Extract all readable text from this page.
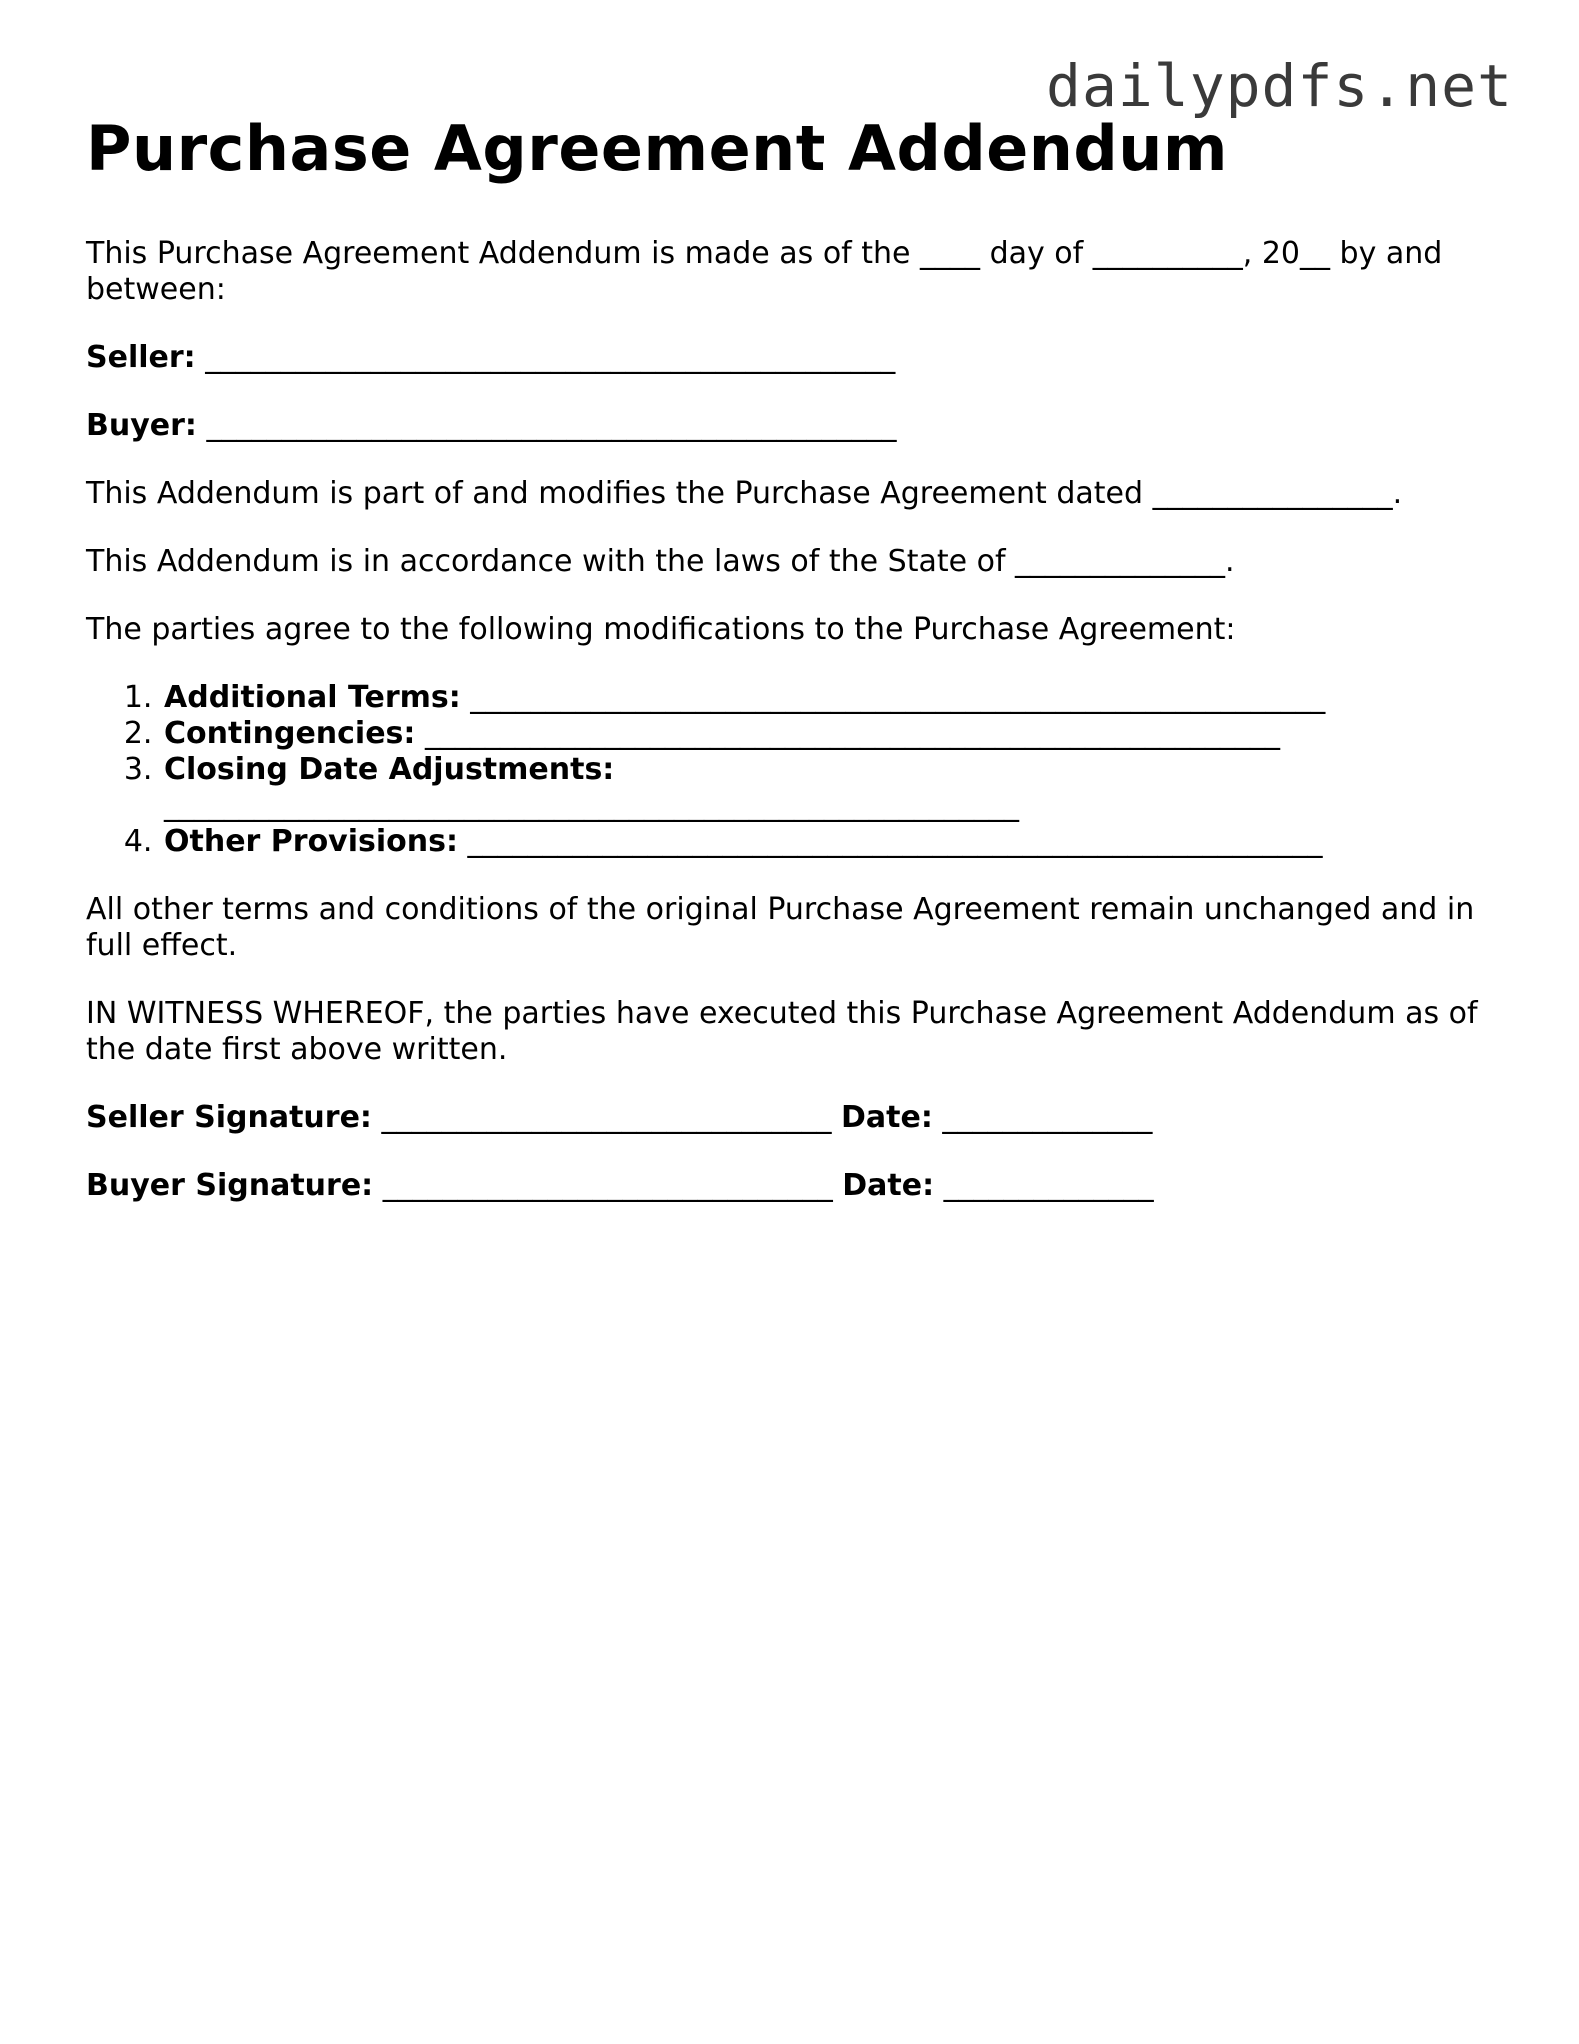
dailypdfs.net
Purchase Agreement Addendum

This Purchase Agreement Addendum is made as of the ____ day of __________, 20__ by and between:

Seller: ______________________________________________
Buyer: ______________________________________________

This Addendum is part of and modifies the Purchase Agreement dated ________________.

This Addendum is in accordance with the laws of the State of ______________.

The parties agree to the following modifications to the Purchase Agreement:

1. Additional Terms: _________________________________________________________
2. Contingencies: _________________________________________________________
3. Closing Date Adjustments: _________________________________________________________
4. Other Provisions: _________________________________________________________

All other terms and conditions of the original Purchase Agreement remain unchanged and in full effect.

IN WITNESS WHEREOF, the parties have executed this Purchase Agreement Addendum as of the date first above written.

Seller Signature: ______________________________ Date: ______________
Buyer Signature: ______________________________ Date: ______________
